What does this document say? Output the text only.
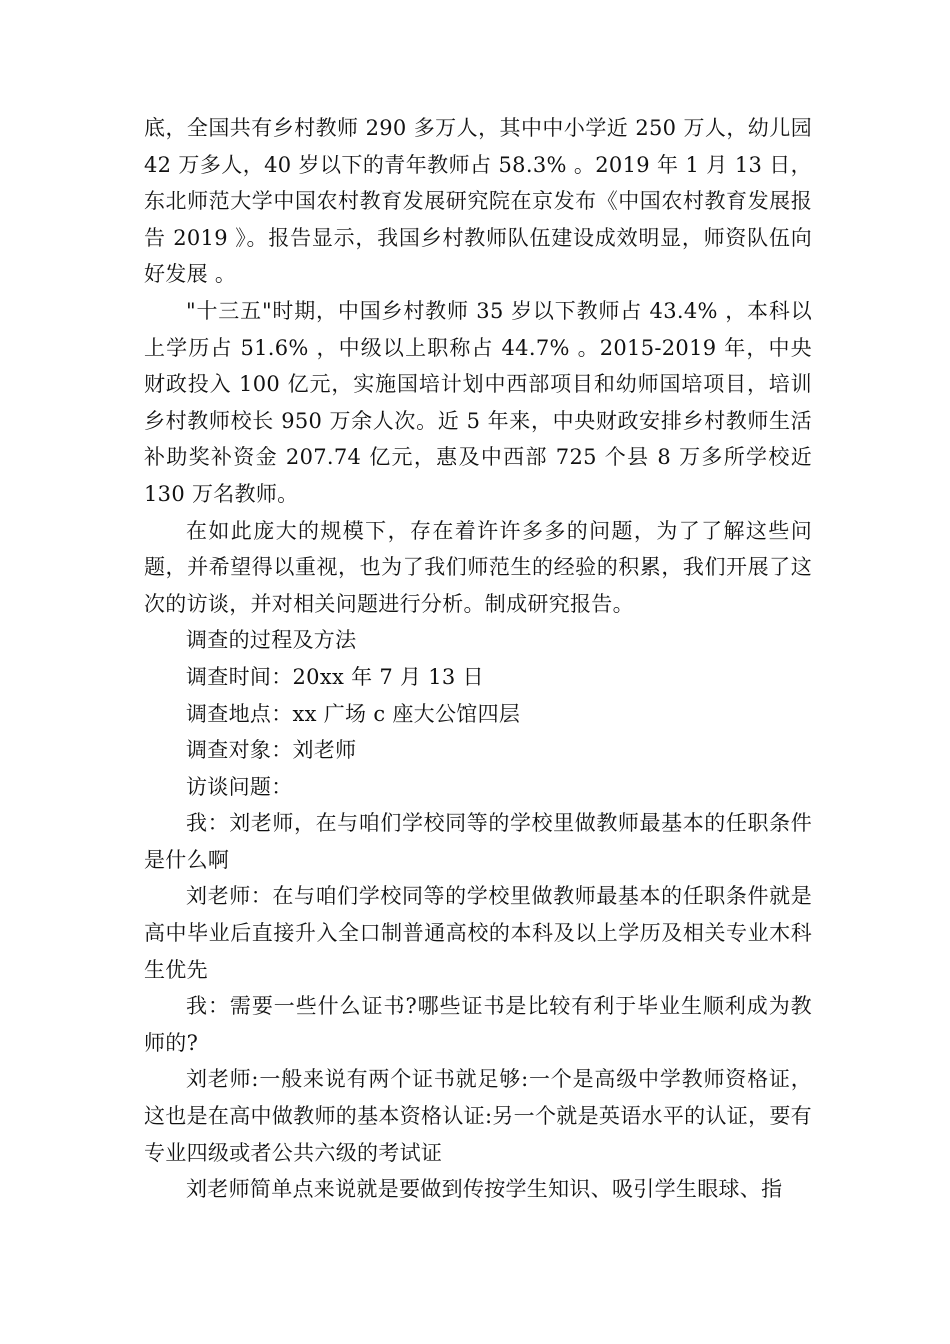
底，全国共有乡村教师 290 多万人，其中中小学近 250 万人，幼儿园 42 万多人，40 岁以下的青年教师占 58.3% 。2019 年 1 月 13 日，东北师范大学中国农村教育发展研究院在京发布《中国农村教育发展报告 2019 》。报告显示，我国乡村教师队伍建设成效明显，师资队伍向好发展 。

"十三五"时期，中国乡村教师 35 岁以下教师占 43.4% ，本科以上学历占 51.6% ，中级以上职称占 44.7% 。2015-2019 年，中央财政投入 100 亿元，实施国培计划中西部项目和幼师国培项目，培训乡村教师校长 950 万余人次。近 5 年来，中央财政安排乡村教师生活补助奖补资金 207.74 亿元，惠及中西部 725 个县 8 万多所学校近 130 万名教师。

在如此庞大的规模下，存在着许许多多的问题，为了了解这些问题，并希望得以重视，也为了我们师范生的经验的积累，我们开展了这次的访谈，并对相关问题进行分析。制成研究报告。

调查的过程及方法

调查时间：20xx 年 7 月 13 日

调查地点：xx 广场 c 座大公馆四层

调查对象：刘老师

访谈问题：

我：刘老师，在与咱们学校同等的学校里做教师最基本的任职条件是什么啊

刘老师：在与咱们学校同等的学校里做教师最基本的任职条件就是高中毕业后直接升入全口制普通高校的本科及以上学历及相关专业木科生优先

我：需要一些什么证书?哪些证书是比较有利于毕业生顺利成为教师的?

刘老师:一般来说有两个证书就足够:一个是高级中学教师资格证，这也是在高中做教师的基本资格认证:另一个就是英语水平的认证，要有专业四级或者公共六级的考试证

刘老师简单点来说就是要做到传按学生知识、吸引学生眼球、指
